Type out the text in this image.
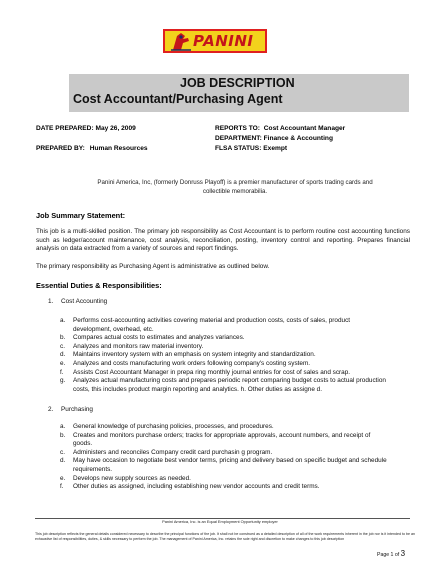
PANINI
JOB DESCRIPTION
Cost Accountant/Purchasing Agent
DATE PREPARED: May 26, 2009
PREPARED BY: Human Resources
REPORTS TO: Cost Accountant Manager
DEPARTMENT: Finance & Accounting
FLSA STATUS: Exempt
Panini America, Inc, (formerly Donruss Playoff) is a premier manufacturer of sports trading cards and collectible memorabilia.
Job Summary Statement:
This job is a multi-skilled position. The primary job responsibility as Cost Accountant is to perform routine cost accounting functions such as ledger/account maintenance, cost analysis, reconciliation, posting, inventory control and reporting. Prepares financial analysis on data extracted from a variety of sources and report findings.
The primary responsibility as Purchasing Agent is administrative as outlined below.
Essential Duties & Responsibilities:
1. Cost Accounting
a. Performs cost-accounting activities covering material and production costs, costs of sales, product development, overhead, etc.
b. Compares actual costs to estimates and analyzes variances.
c. Analyzes and monitors raw material inventory.
d. Maintains inventory system with an emphasis on system integrity and standardization.
e. Analyzes and costs manufacturing work orders following company's costing system.
f. Assists Cost Accountant Manager in prepa ring monthly journal entries for cost of sales and scrap.
g. Analyzes actual manufacturing costs and prepares periodic report comparing budget costs to actual production costs, this includes product margin reporting and analytics. h. Other duties as assigne d.
2. Purchasing
a. General knowledge of purchasing policies, processes, and procedures.
b. Creates and monitors purchase orders; tracks for appropriate approvals, account numbers, and receipt of goods.
c. Administers and reconciles Company credit card purchasin g program.
d. May have occasion to negotiate best vendor terms, pricing and delivery based on specific budget and schedule requirements.
e. Develops new supply sources as needed.
f. Other duties as assigned, including establishing new vendor accounts and credit terms.
Panini America, Inc. is an Equal Employment Opportunity employer
This job description reflects the general details considered necessary to describe the principal functions of the job. It shall not be construed as a detailed description of all of the work requirements inherent in the job nor is it intended to be an exhaustive list of responsibilities, duties, & skills necessary to perform the job. The management of Panini America, Inc. retains the sole right and discretion to make changes to this job description
Page 1 of 3
